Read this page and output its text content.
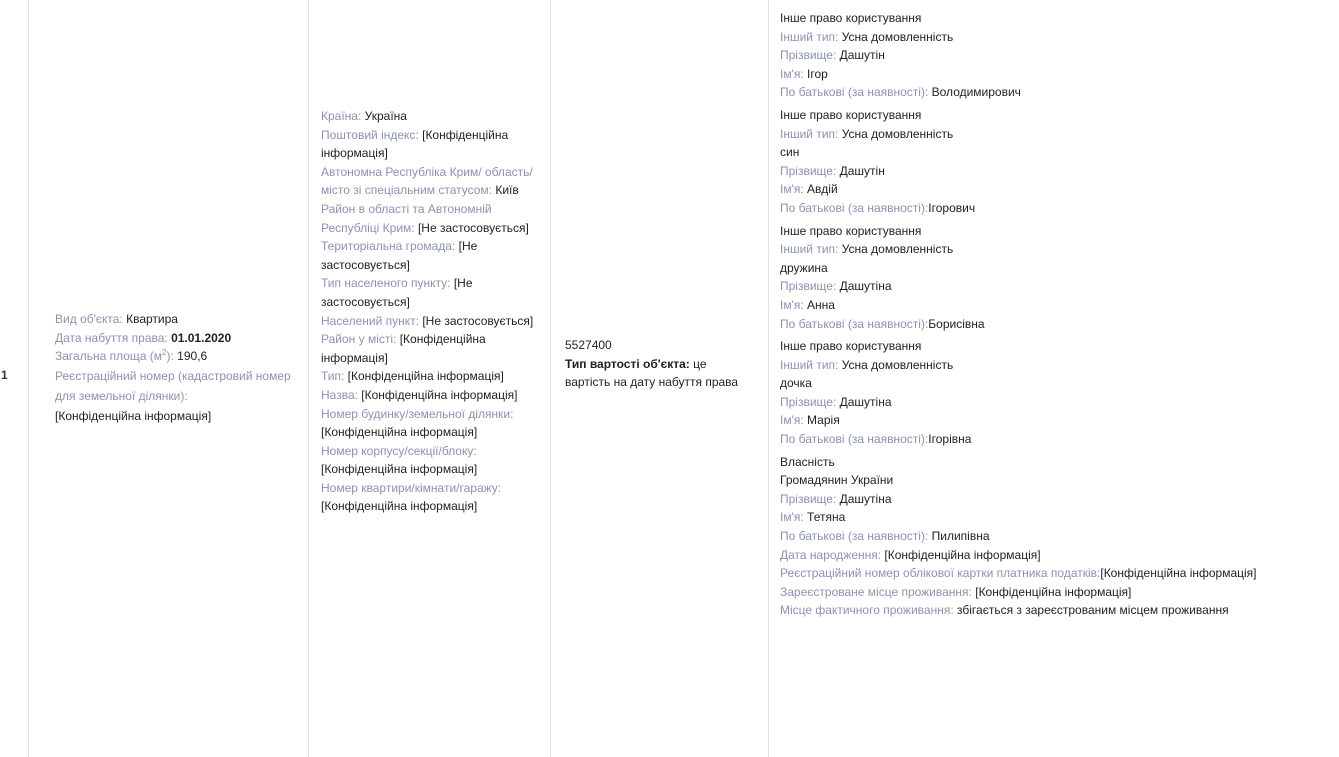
1
Вид об'єкта: Квартира
Дата набуття права: 01.01.2020
Загальна площа $(м^2)$: 190,6
Реєстраційний номер (кадастровий номер для земельної ділянки):
[Конфіденційна інформація]
Країна: Україна
Поштовий індекс: [Конфіденційна інформація]
Автономна Республіка Крим/ область/місто зі спеціальним статусом: Київ
Район в області та Автономній Республіці Крим: [Не застосовується]
Територіальна громада: [Не застосовується]
Тип населеного пункту: [Не застосовується]
Населений пункт: [Не застосовується]
Район у місті: [Конфіденційна інформація]
Тип: [Конфіденційна інформація]
Назва: [Конфіденційна інформація]
Номер будинку/земельної ділянки: [Конфіденційна інформація]
Номер корпусу/секції/блоку: [Конфіденційна інформація]
Номер квартири/кімнати/гаражу: [Конфіденційна інформація]
5527400
Тип вартості об'єкта: це вартість на дату набуття права
Інше право користування
Інший тип: Усна домовленність
Прізвище: Дашутін
Ім'я: Ігор
По батькові (за наявності): Володимирович
Інше право користування
Інший тип: Усна домовленність
син
Прізвище: Дашутін
Ім'я: Авдій
По батькові (за наявності):Ігорович
Інше право користування
Інший тип: Усна домовленність
дружина
Прізвище: Дашутіна
Ім'я: Анна
По батькові (за наявності):Борисівна
Інше право користування
Інший тип: Усна домовленність
дочка
Прізвище: Дашутіна
Ім'я: Марія
По батькові (за наявності):Ігорівна
Власність
Громадянин України
Прізвище: Дашутіна
Ім'я: Тетяна
По батькові (за наявності): Пилипівна
Дата народження: [Конфіденційна інформація]
Реєстраційний номер облікової картки платника податків:[Конфіденційна інформація]
Зареєстроване місце проживання: [Конфіденційна інформація]
Місце фактичного проживання: збігається з зареєстрованим місцем проживання
